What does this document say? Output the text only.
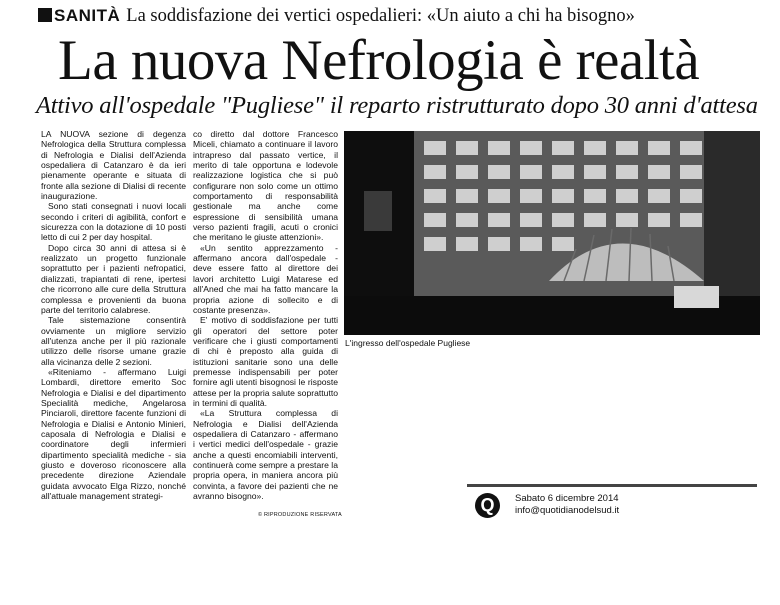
SANITÀ La soddisfazione dei vertici ospedalieri: «Un aiuto a chi ha bisogno»
La nuova Nefrologia è realtà
Attivo all'ospedale "Pugliese" il reparto ristrutturato dopo 30 anni d'attesa

LA NUOVA sezione di degenza Nefrologica della Struttura complessa di Nefrologia e Dialisi dell'Azienda ospedaliera di Catanzaro è da ieri pienamente operante e situata di fronte alla sezione di Dialisi di recente inaugurazione.

Sono stati consegnati i nuovi locali secondo i criteri di agibilità, confort e sicurezza con la dotazione di 10 posti letto di cui 2 per day hospital.

Dopo circa 30 anni di attesa si è realizzato un progetto funzionale soprattutto per i pazienti nefropatici, dializzati, trapiantati di rene, ipertesi che ricorrono alle cure della Struttura complessa e provenienti da buona parte del territorio calabrese.

Tale sistemazione consentirà ovviamente un migliore servizio all'utenza anche per il più razionale utilizzo delle risorse umane grazie alla vicinanza delle 2 sezioni.

«Riteniamo - affermano Luigi Lombardi, direttore emerito Soc Nefrologia e Dialisi e del dipartimento Specialità mediche, Angelarosa Pinciaroli, direttore facente funzioni di Nefrologia e Dialisi e Antonio Minieri, caposala di Nefrologia e Dialisi e coordinatore degli infermieri dipartimento specialità mediche - sia giusto e doveroso riconoscere alla precedente direzione Aziendale guidata avvocato Elga Rizzo, nonché all'attuale management strategi-

co diretto dal dottore Francesco Miceli, chiamato a continuare il lavoro intrapreso dal passato vertice, il merito di tale opportuna e lodevole realizzazione logistica che si può configurare non solo come un ottimo comportamento di responsabilità gestionale ma anche come espressione di sensibilità umana verso pazienti fragili, acuti o cronici che meritano le giuste attenzioni».

«Un sentito apprezzamento - affermano ancora dall'ospedale - deve essere fatto al direttore dei lavori architetto Luigi Matarese ed all'Aned che mai ha fatto mancare la propria azione di sollecito e di costante presenza».

E' motivo di soddisfazione per tutti gli operatori del settore poter verificare che i giusti comportamenti di chi è preposto alla guida di istituzioni sanitarie sono una delle premesse indispensabili per poter fornire agli utenti bisognosi le risposte attese per la propria salute soprattutto in termini di qualità.

«La Struttura complessa di Nefrologia e Dialisi dell'Azienda ospedaliera di Catanzaro - affermano i vertici medici dell'ospedale - grazie anche a questi encomiabili interventi, continuerà come sempre a prestare la propria opera, in maniera ancora più convinta, a favore dei pazienti che ne avranno bisogno».

© RIPRODUZIONE RISERVATA
L'ingresso dell'ospedale Pugliese
Q	Sabato 6 dicembre 2014
info@quotidianodelsud.it
